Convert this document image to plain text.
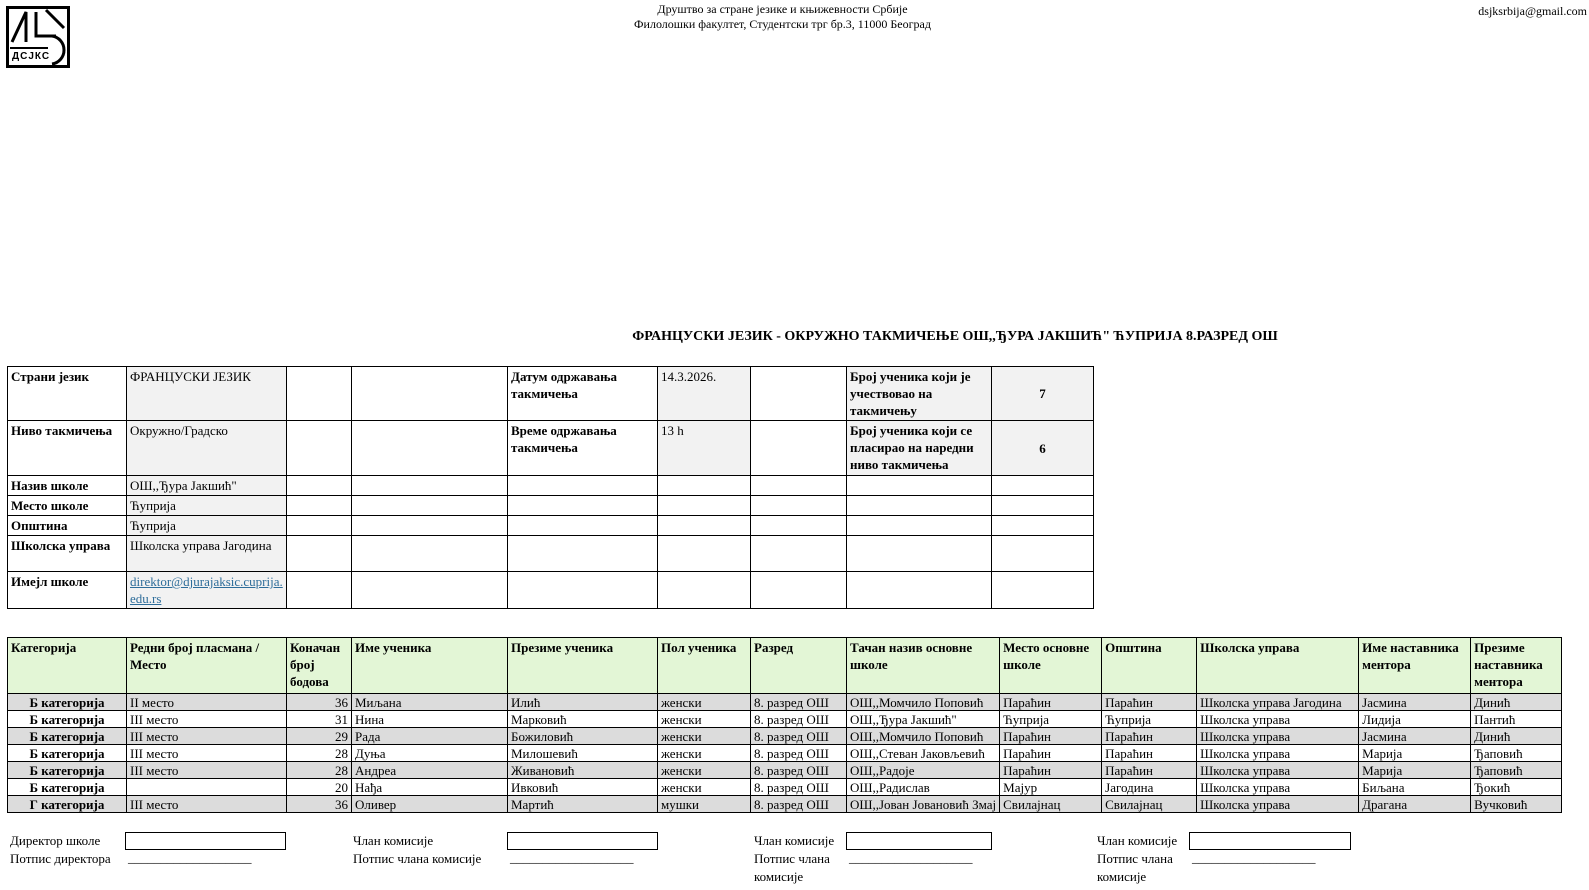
ДСЈКС
Друштво за стране језике и књижевности Србије
Филолошки факултет, Студентски трг бр.3, 11000 Београд
dsjksrbija@gmail.com
ФРАНЦУСКИ ЈЕЗИК - ОКРУЖНО ТАКМИЧЕЊЕ ОШ,,ЂУРА ЈАКШИЋ" ЋУПРИЈА 8.РАЗРЕД ОШ
Страни језик	ФРАНЦУСКИ ЈЕЗИК			Датум одржавања такмичења	14.3.2026.		Број ученика који је учествовао на такмичењу	7
Ниво такмичења	Окружно/Градско			Време одржавања такмичења	13 h		Број ученика који се пласирао на наредни ниво такмичења	6
Назив школе	ОШ,,Ђура Јакшић"							
Место школе	Ћуприја							
Општина	Ћуприја							
Школска управа	Школска управа Јагодина							
Имејл школе	direktor@djurajaksic.cuprija.edu.rs							
Категорија	Редни број пласмана / Место	Коначан број бодова	Име ученика	Презиме ученика	Пол ученика	Разред	Тачан назив основне школе	Место основне школе	Општина	Школска управа	Име наставника ментора	Презиме наставника ментора
Б категорија	II место	36	Миљана	Илић	женски	8. разред ОШ	ОШ,,Момчило Поповић	Параћин	Параћин	Школска управа Јагодина	Јасмина	Динић
Б категорија	III место	31	Нина	Марковић	женски	8. разред ОШ	ОШ,,Ђура Јакшић"	Ћуприја	Ћуприја	Школска управа	Лидија	Пантић
Б категорија	III место	29	Рада	Божиловић	женски	8. разред ОШ	ОШ,,Момчило Поповић	Параћин	Параћин	Школска управа	Јасмина	Динић
Б категорија	III место	28	Дуња	Милошевић	женски	8. разред ОШ	ОШ,,Стеван Јаковљевић	Параћин	Параћин	Школска управа	Марија	Ђаповић
Б категорија	III место	28	Андреа	Живановић	женски	8. разред ОШ	ОШ,,Радоје	Параћин	Параћин	Школска управа	Марија	Ђаповић
Б категорија		20	Нађа	Ивковић	женски	8. разред ОШ	ОШ,,Радислав	Мајур	Јагодина	Школска управа	Биљана	Ђокић
Г категорија	III место	36	Оливер	Мартић	мушки	8. разред ОШ	ОШ,,Јован Јовановић Змај	Свилајнац	Свилајнац	Школска управа	Драгана	Вучковић
Директор школе
Потпис директора ___________________
Члан комисије
Потпис члана комисије ___________________
Члан комисије
Потпис члана комисије
___________________
Члан комисије
Потпис члана комисије
___________________
